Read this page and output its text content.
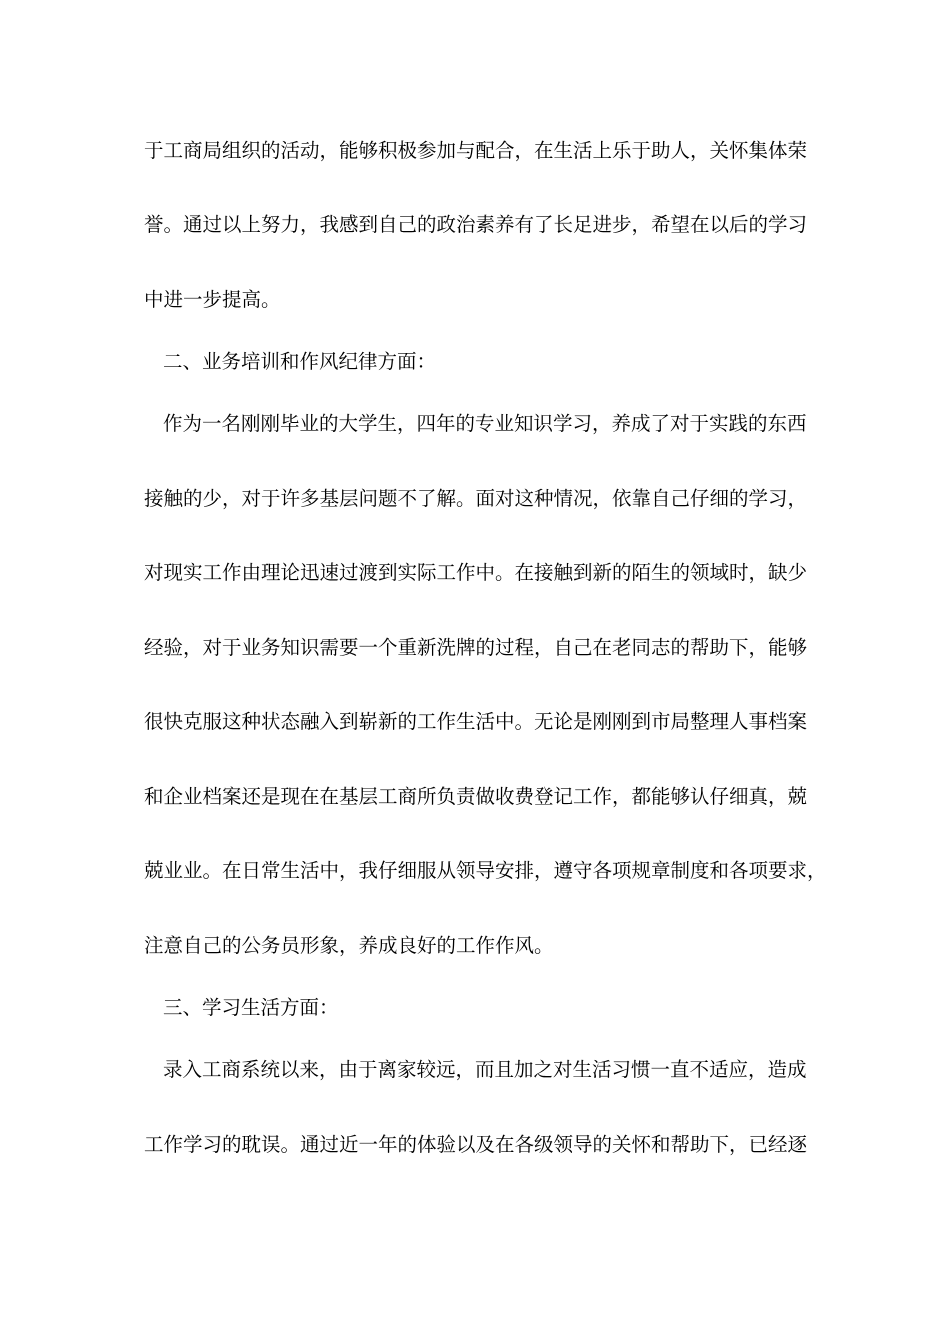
于工商局组织的活动，能够积极参加与配合，在生活上乐于助人，关怀集体荣
誉。通过以上努力，我感到自己的政治素养有了长足进步，希望在以后的学习
中进一步提高。
二、业务培训和作风纪律方面：
作为一名刚刚毕业的大学生，四年的专业知识学习，养成了对于实践的东西
接触的少，对于许多基层问题不了解。面对这种情况，依靠自己仔细的学习，
对现实工作由理论迅速过渡到实际工作中。在接触到新的陌生的领域时，缺少
经验，对于业务知识需要一个重新洗牌的过程，自己在老同志的帮助下，能够
很快克服这种状态融入到崭新的工作生活中。无论是刚刚到市局整理人事档案
和企业档案还是现在在基层工商所负责做收费登记工作，都能够认仔细真，兢
兢业业。在日常生活中，我仔细服从领导安排，遵守各项规章制度和各项要求，
注意自己的公务员形象，养成良好的工作作风。
三、学习生活方面：
录入工商系统以来，由于离家较远，而且加之对生活习惯一直不适应，造成
工作学习的耽误。通过近一年的体验以及在各级领导的关怀和帮助下，已经逐
